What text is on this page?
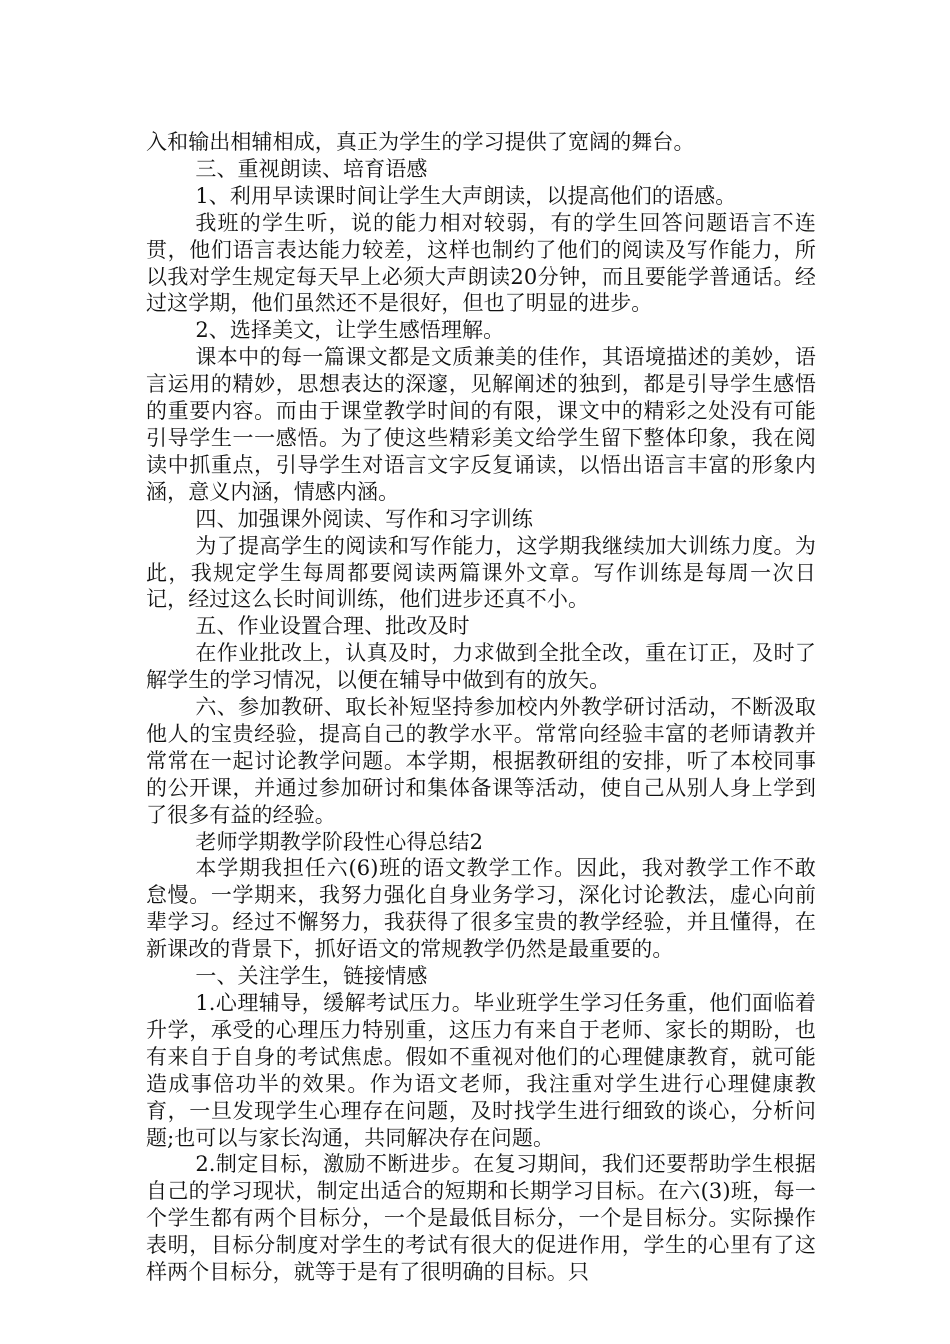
入和输出相辅相成，真正为学生的学习提供了宽阔的舞台。

三、重视朗读、培育语感

1、利用早读课时间让学生大声朗读，以提高他们的语感。

我班的学生听，说的能力相对较弱，有的学生回答问题语言不连贯，他们语言表达能力较差，这样也制约了他们的阅读及写作能力，所以我对学生规定每天早上必须大声朗读20分钟，而且要能学普通话。经过这学期，他们虽然还不是很好，但也了明显的进步。

2、选择美文，让学生感悟理解。

课本中的每一篇课文都是文质兼美的佳作，其语境描述的美妙，语言运用的精妙，思想表达的深邃，见解阐述的独到，都是引导学生感悟的重要内容。而由于课堂教学时间的有限，课文中的精彩之处没有可能引导学生一一感悟。为了使这些精彩美文给学生留下整体印象，我在阅读中抓重点，引导学生对语言文字反复诵读，以悟出语言丰富的形象内涵，意义内涵，情感内涵。

四、加强课外阅读、写作和习字训练

为了提高学生的阅读和写作能力，这学期我继续加大训练力度。为此，我规定学生每周都要阅读两篇课外文章。写作训练是每周一次日记，经过这么长时间训练，他们进步还真不小。

五、作业设置合理、批改及时

在作业批改上，认真及时，力求做到全批全改，重在订正，及时了解学生的学习情况，以便在辅导中做到有的放矢。

六、参加教研、取长补短坚持参加校内外教学研讨活动，不断汲取他人的宝贵经验，提高自己的教学水平。常常向经验丰富的老师请教并常常在一起讨论教学问题。本学期，根据教研组的安排，听了本校同事的公开课，并通过参加研讨和集体备课等活动，使自己从别人身上学到了很多有益的经验。

老师学期教学阶段性心得总结2

本学期我担任六(6)班的语文教学工作。因此，我对教学工作不敢怠慢。一学期来，我努力强化自身业务学习，深化讨论教法，虚心向前辈学习。经过不懈努力，我获得了很多宝贵的教学经验，并且懂得，在新课改的背景下，抓好语文的常规教学仍然是最重要的。

一、关注学生，链接情感

1.心理辅导，缓解考试压力。毕业班学生学习任务重，他们面临着升学，承受的心理压力特别重，这压力有来自于老师、家长的期盼，也有来自于自身的考试焦虑。假如不重视对他们的心理健康教育，就可能造成事倍功半的效果。作为语文老师，我注重对学生进行心理健康教育，一旦发现学生心理存在问题，及时找学生进行细致的谈心，分析问题;也可以与家长沟通，共同解决存在问题。

2.制定目标，激励不断进步。在复习期间，我们还要帮助学生根据自己的学习现状，制定出适合的短期和长期学习目标。在六(3)班，每一个学生都有两个目标分，一个是最低目标分，一个是目标分。实际操作表明，目标分制度对学生的考试有很大的促进作用，学生的心里有了这样两个目标分，就等于是有了很明确的目标。只
